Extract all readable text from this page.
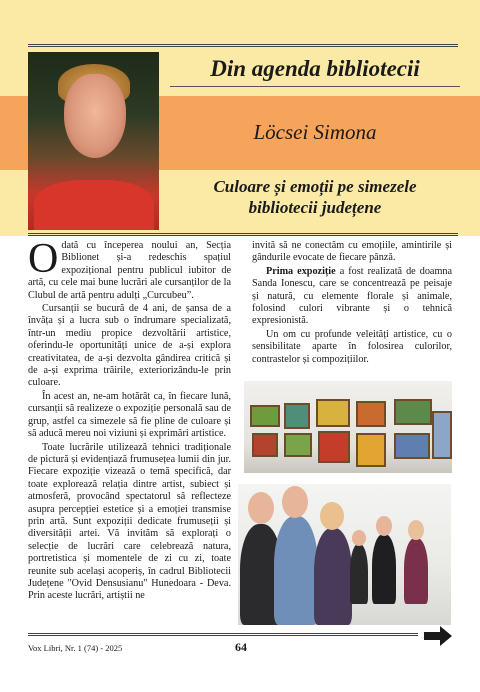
Din agenda bibliotecii
Löcsei Simona
Culoare și emoții pe simezele
bibliotecii județene

Odată cu începerea noului an, Secția Biblionet și-a redeschis spațiul expozițional pentru publicul iubitor de artă, cu cele mai bune lucrări ale cursanților de la Clubul de artă pentru adulți „Curcubeu”.

Cursanții se bucură de 4 ani, de șansa de a învăța și a lucra sub o îndrumare specializată, într-un mediu propice dezvoltării artistice, oferindu-le oportunități unice de a-și explora creativitatea, de a-și dezvolta gândirea critică și de a-și exprima trăirile, exteriorizându-le prin culoare.

În acest an, ne-am hotărât ca, în fiecare lună, cursanții să realizeze o expoziție personală sau de grup, astfel ca simezele să fie pline de culoare și să aducă mereu noi viziuni și exprimări artistice.

Toate lucrările utilizează tehnici tradiționale de pictură și evidențiază frumusețea lumii din jur. Fiecare expoziție vizează o temă specifică, dar toate explorează relația dintre artist, subiect și atmosferă, provocând spectatorul să reflecteze asupra percepției estetice și a emoției transmise prin artă. Sunt expoziții dedicate frumuseții și diversității artei. Vă invităm să explorați o selecție de lucrări care celebrează natura, portretistica și momentele de zi cu zi, toate reunite sub același acoperiș, în cadrul Bibliotecii Județene "Ovid Densusianu" Hunedoara - Deva. Prin aceste lucrări, artiștii ne

invită să ne conectăm cu emoțiile, amintirile și gândurile evocate de fiecare pânză.

Prima expoziție a fost realizată de doamna Sanda Ionescu, care se concentrează pe peisaje și natură, cu elemente florale și animale, folosind culori vibrante și o tehnică expresionistă.

Un om cu profunde veleități artistice, cu o sensibilitate aparte în folosirea culorilor, contrastelor și compozițiilor.

Vox Libri, Nr. 1 (74) - 2025	64
